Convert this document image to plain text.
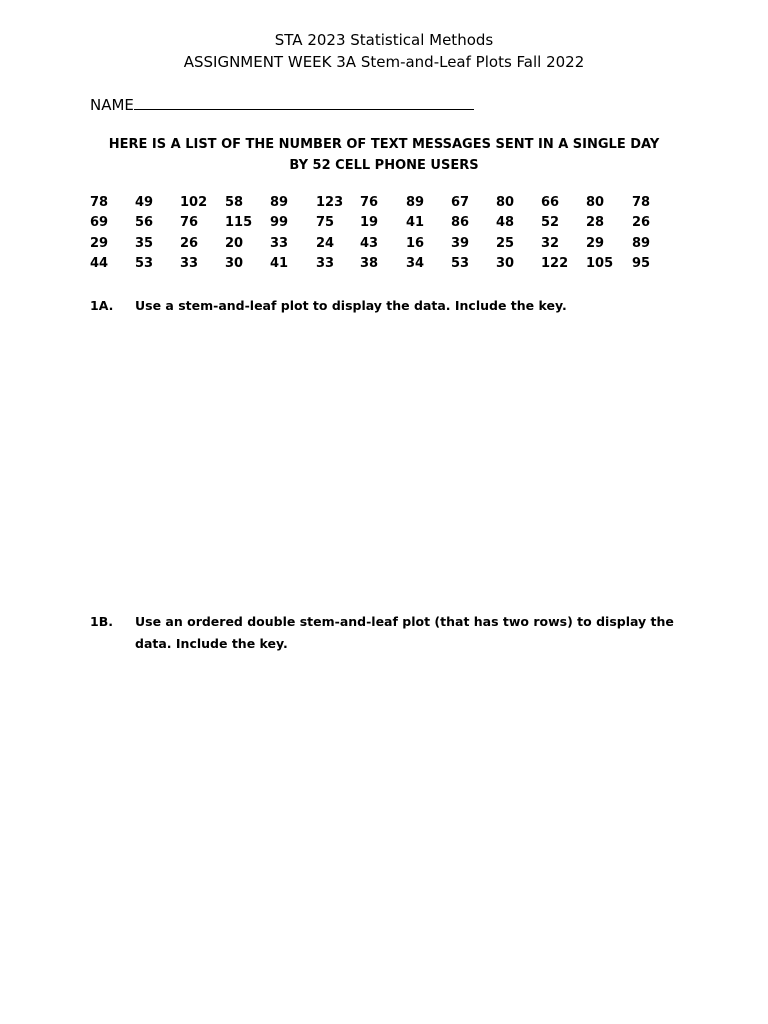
STA 2023 Statistical Methods
ASSIGNMENT WEEK 3A Stem-and-Leaf Plots Fall 2022
NAME
HERE IS A LIST OF THE NUMBER OF TEXT MESSAGES SENT IN A SINGLE DAY
BY 52 CELL PHONE USERS
78 49 102 58 89 123 76 89 67 80 66 80 78
69 56 76 115 99 75 19 41 86 48 52 28 26
29 35 26 20 33 24 43 16 39 25 32 29 89
44 53 33 30 41 33 38 34 53 30 122 105 95
1A. Use a stem-and-leaf plot to display the data. Include the key.
1B. Use an ordered double stem-and-leaf plot (that has two rows) to display the data. Include the key.
